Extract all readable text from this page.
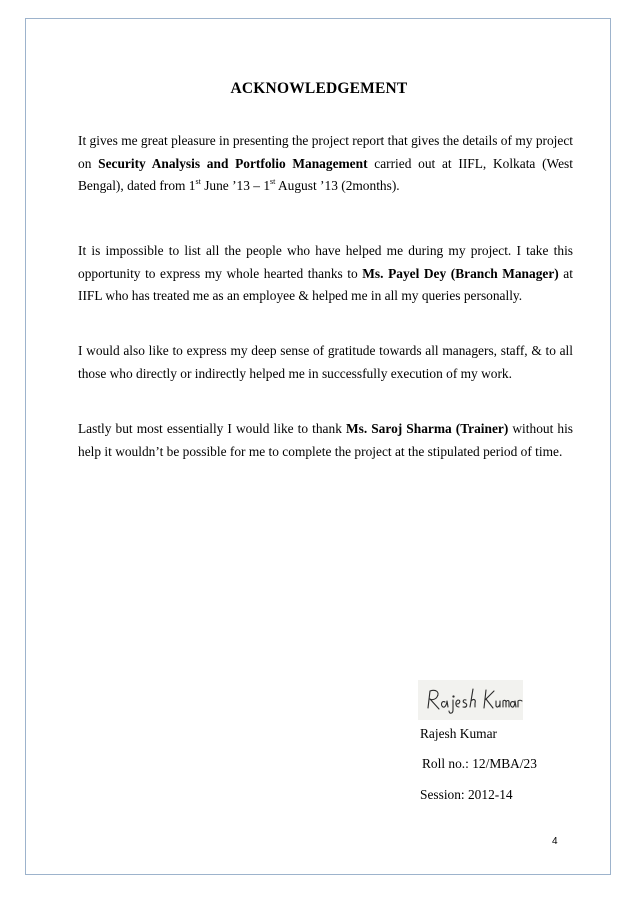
ACKNOWLEDGEMENT

It gives me great pleasure in presenting the project report that gives the details of my project on Security Analysis and Portfolio Management carried out at IIFL, Kolkata (West Bengal), dated from 1st June ’13 – 1st August ’13 (2months).

It is impossible to list all the people who have helped me during my project. I take this opportunity to express my whole hearted thanks to Ms. Payel Dey (Branch Manager) at IIFL who has treated me as an employee & helped me in all my queries personally.

I would also like to express my deep sense of gratitude towards all managers, staff, & to all those who directly or indirectly helped me in successfully execution of my work.

Lastly but most essentially I would like to thank Ms. Saroj Sharma (Trainer) without his help it wouldn’t be possible for me to complete the project at the stipulated period of time.

Rajesh Kumar
Roll no.: 12/MBA/23
Session: 2012-14
4
